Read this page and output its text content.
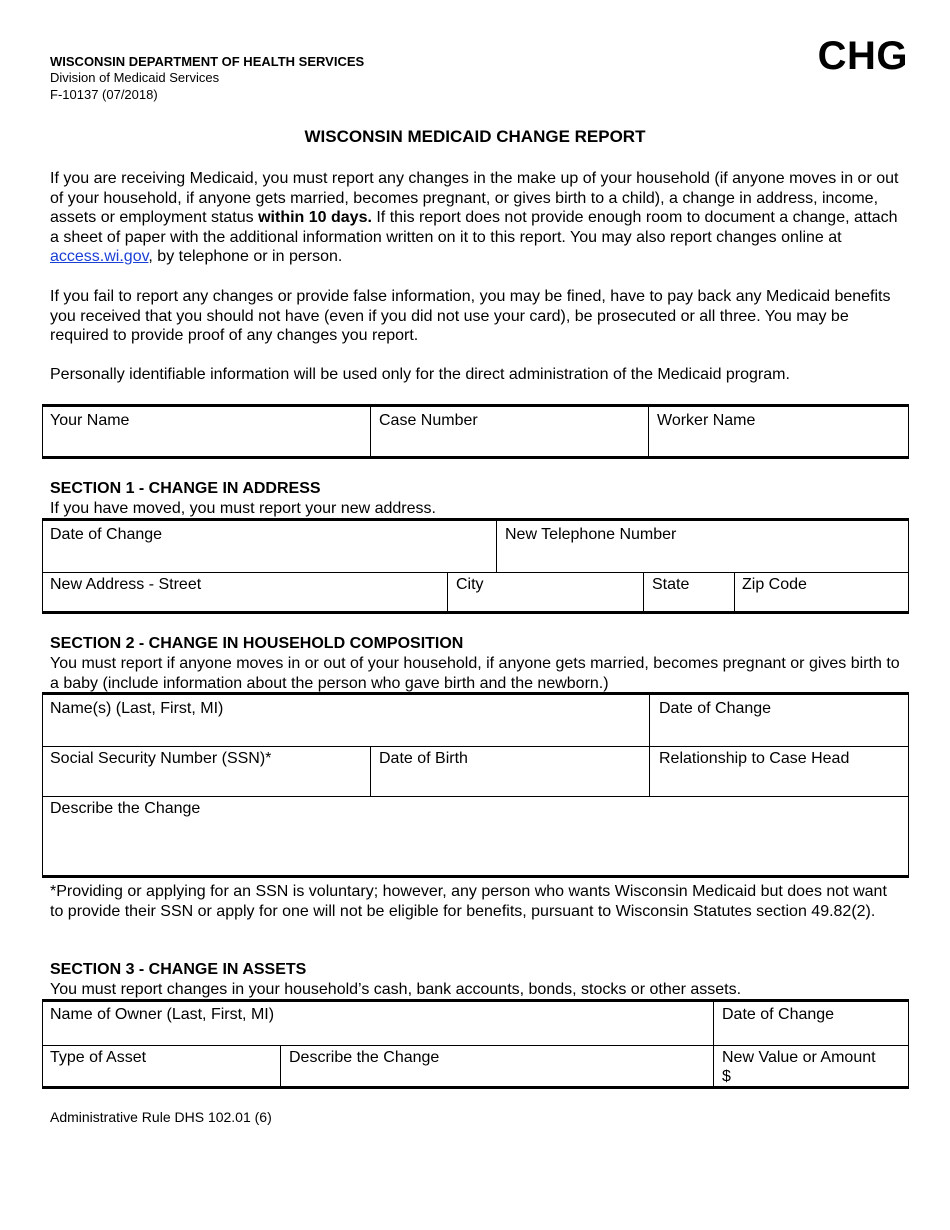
WISCONSIN DEPARTMENT OF HEALTH SERVICES
Division of Medicaid Services
F-10137 (07/2018)
CHG
WISCONSIN MEDICAID CHANGE REPORT
If you are receiving Medicaid, you must report any changes in the make up of your household (if anyone moves in or out of your household, if anyone gets married, becomes pregnant, or gives birth to a child), a change in address, income, assets or employment status within 10 days. If this report does not provide enough room to document a change, attach a sheet of paper with the additional information written on it to this report. You may also report changes online at access.wi.gov, by telephone or in person.
If you fail to report any changes or provide false information, you may be fined, have to pay back any Medicaid benefits you received that you should not have (even if you did not use your card), be prosecuted or all three. You may be required to provide proof of any changes you report.
Personally identifiable information will be used only for the direct administration of the Medicaid program.
Your Name	Case Number	Worker Name
SECTION 1 - CHANGE IN ADDRESS
If you have moved, you must report your new address.
Date of Change	New Telephone Number
New Address - Street	City	State	Zip Code
SECTION 2 - CHANGE IN HOUSEHOLD COMPOSITION
You must report if anyone moves in or out of your household, if anyone gets married, becomes pregnant or gives birth to a baby (include information about the person who gave birth and the newborn.)
Name(s) (Last, First, MI)	Date of Change
Social Security Number (SSN)*	Date of Birth	Relationship to Case Head
Describe the Change
*Providing or applying for an SSN is voluntary; however, any person who wants Wisconsin Medicaid but does not want to provide their SSN or apply for one will not be eligible for benefits, pursuant to Wisconsin Statutes section 49.82(2).
SECTION 3 - CHANGE IN ASSETS
You must report changes in your household’s cash, bank accounts, bonds, stocks or other assets.
Name of Owner (Last, First, MI)	Date of Change
Type of Asset	Describe the Change	New Value or Amount
$
Administrative Rule DHS 102.01 (6)
